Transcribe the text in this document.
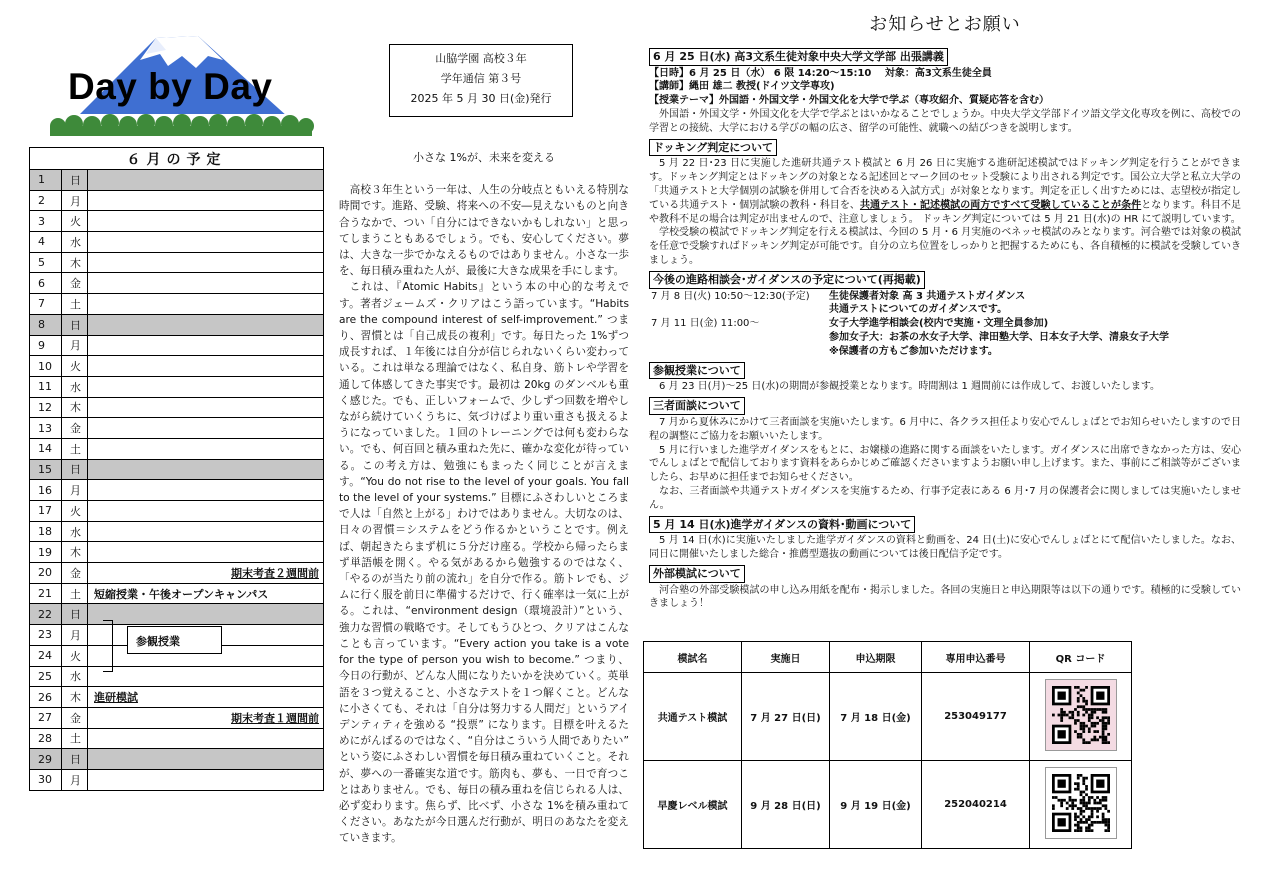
Day by Day
山脇学園 高校３年
学年通信 第３号
2025 年 5 月 30 日(金)発行
６月の予定		
1	日	
2	月	
3	火	
4	水	
5	木	
6	金	
7	土	
8	日	
9	月	
10	火	
11	水	
12	木	
13	金	
14	土	
15	日	
16	月	
17	火	
18	水	
19	木	
20	金	期末考査２週間前
21	土	短縮授業・午後オープンキャンパス
22	日	
23	月	
24	火	
25	水	
26	木	進研模試
27	金	期末考査１週間前
28	土	
29	日	
30	月	
参観授業
小さな 1%が、未来を変える

高校３年生という一年は、人生の分岐点ともいえる特別な時間です。進路、受験、将来への不安―見えないものと向き合うなかで、つい「自分にはできないかもしれない」と思ってしまうこともあるでしょう。でも、安心してください。夢は、大きな一歩でかなえるものではありません。小さな一歩を、毎日積み重ねた人が、最後に大きな成果を手にします。

これは、『Atomic Habits』という本の中心的な考えです。著者ジェームズ・クリアはこう語っています。“Habits are the compound interest of self-improvement.” つまり、習慣とは「自己成長の複利」です。毎日たった 1%ずつ成長すれば、１年後には自分が信じられないくらい変わっている。これは単なる理論ではなく、私自身、筋トレや学習を通して体感してきた事実です。最初は 20kg のダンベルも重く感じた。でも、正しいフォームで、少しずつ回数を増やしながら続けていくうちに、気づけばより重い重さも扱えるようになっていました。１回のトレーニングでは何も変わらない。でも、何百回と積み重ねた先に、確かな変化が待っている。この考え方は、勉強にもまったく同じことが言えます。“You do not rise to the level of your goals. You fall to the level of your systems.” 目標にふさわしいところまで人は「自然と上がる」わけではありません。大切なのは、日々の習慣＝システムをどう作るかということです。例えば、朝起きたらまず机に５分だけ座る。学校から帰ったらまず単語帳を開く。やる気があるから勉強するのではなく、「やるのが当たり前の流れ」を自分で作る。筋トレでも、ジムに行く服を前日に準備するだけで、行く確率は一気に上がる。これは、“environment design（環境設計）”という、強力な習慣の戦略です。そしてもうひとつ、クリアはこんなことも言っています。“Every action you take is a vote for the type of person you wish to become.” つまり、今日の行動が、どんな人間になりたいかを決めていく。英単語を３つ覚えること、小さなテストを１つ解くこと。どんなに小さくても、それは「自分は努力する人間だ」というアイデンティティを強める “投票” になります。目標を叶えるためにがんばるのではなく、“自分はこういう人間でありたい” という姿にふさわしい習慣を毎日積み重ねていくこと。それが、夢への一番確実な道です。筋肉も、夢も、一日で育つことはありません。でも、毎日の積み重ねを信じられる人は、必ず変わります。焦らず、比べず、小さな 1%を積み重ねてください。あなたが今日選んだ行動が、明日のあなたを変えていきます。

お知らせとお願い
6 月 25 日(水) 高3文系生徒対象中央大学文学部 出張講義

【日時】6 月 25 日（水） 6 限 14:20～15:10　 対象：高3文系生徒全員

【講師】縄田 雄二 教授(ドイツ文学専攻)

【授業テーマ】外国語・外国文学・外国文化を大学で学ぶ（専攻紹介、質疑応答を含む）

外国語・外国文学・外国文化を大学で学ぶとはいかなることでしょうか。中央大学文学部ドイツ語文学文化専攻を例に、高校での学習との接続、大学における学びの幅の広さ、留学の可能性、就職への結びつきを説明します。

ドッキング判定について

5 月 22 日･23 日に実施した進研共通テスト模試と 6 月 26 日に実施する進研記述模試ではドッキング判定を行うことができます。ドッキング判定とはドッキングの対象となる記述回とマーク回のセット受験により出される判定です。国公立大学と私立大学の「共通テストと大学個別の試験を併用して合否を決める入試方式」が対象となります。判定を正しく出すためには、志望校が指定している共通テスト・個別試験の教科・科目を、共通テスト・記述模試の両方ですべて受験していることが条件となります。科目不足や教科不足の場合は判定が出ませんので、注意しましょう。 ドッキング判定については 5 月 21 日(水)の HR にて説明しています。

学校受験の模試でドッキング判定を行える模試は、今回の 5 月・6 月実施のベネッセ模試のみとなります。河合塾では対象の模試を任意で受験すればドッキング判定が可能です。自分の立ち位置をしっかりと把握するためにも、各自積極的に模試を受験していきましょう。

今後の進路相談会･ガイダンスの予定について(再掲載)
7 月 8 日(火) 10:50～12:30(予定)	生徒保護者対象 高 3 共通テストガイダンス
共通テストについてのガイダンスです。
7 月 11 日(金) 11:00～	女子大学進学相談会(校内で実施・文理全員参加)
参加女子大：お茶の水女子大学、津田塾大学、日本女子大学、清泉女子大学
※保護者の方もご参加いただけます。
参観授業について

6 月 23 日(月)～25 日(水)の期間が参観授業となります。時間割は 1 週間前には作成して、お渡しいたします。

三者面談について

7 月から夏休みにかけて三者面談を実施いたします。6 月中に、各クラス担任より安心でんしょばとでお知らせいたしますので日程の調整にご協力をお願いいたします。

5 月に行いました進学ガイダンスをもとに、お嬢様の進路に関する面談をいたします。ガイダンスに出席できなかった方は、安心でんしょばとで配信しております資料をあらかじめご確認くださいますようお願い申し上げます。また、事前にご相談等がございましたら、お早めに担任までお知らせください。

なお、三者面談や共通テストガイダンスを実施するため、行事予定表にある 6 月･7 月の保護者会に関しましては実施いたしません。

5 月 14 日(水)進学ガイダンスの資料･動画について

5 月 14 日(水)に実施いたしました進学ガイダンスの資料と動画を、24 日(土)に安心でんしょばとにて配信いたしました。なお、同日に開催いたしました総合・推薦型選抜の動画については後日配信予定です。

外部模試について

河合塾の外部受験模試の申し込み用紙を配布・掲示しました。各回の実施日と申込期限等は以下の通りです。積極的に受験していきましょう！

模試名	実施日	申込期限	専用申込番号	QR コード
共通テスト模試	7 月 27 日(日)	7 月 18 日(金)	253049177	

早慶レベル模試	9 月 28 日(日)	9 月 19 日(金)	252040214	
